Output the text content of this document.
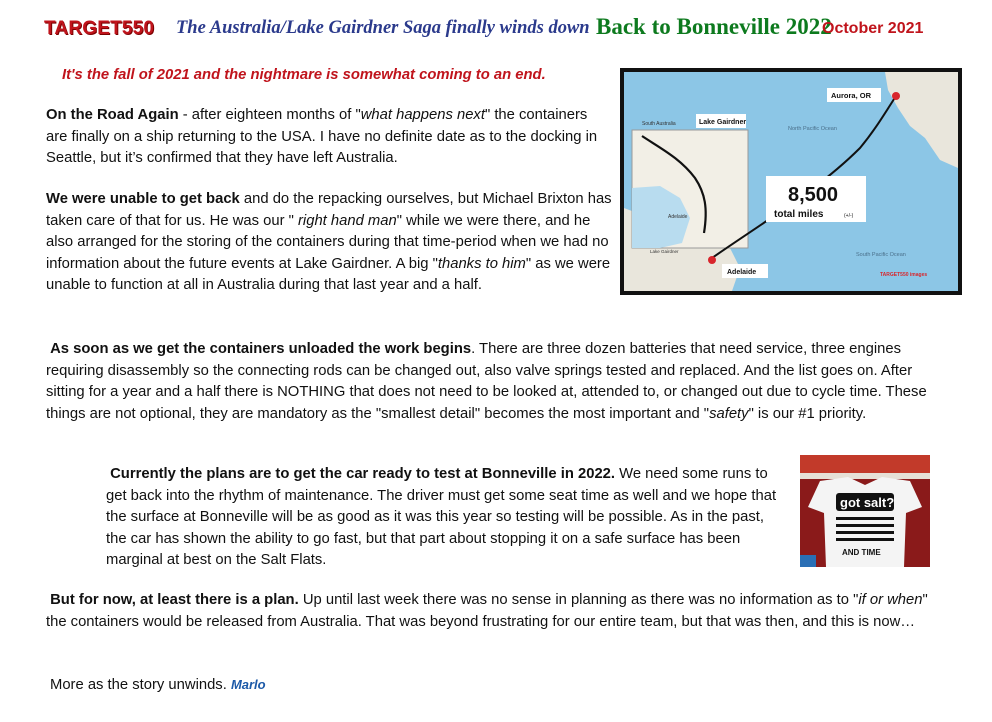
TARGET550 The Australia/Lake Gairdner Saga finally winds down Back to Bonneville 2022
October 2021
It's the fall of 2021 and the nightmare is somewhat coming to an end.
On the Road Again - after eighteen months of "what happens next" the containers are finally on a ship returning to the USA. I have no definite date as to the docking in Seattle, but it’s confirmed that they have left Australia.
We were unable to get back and do the repacking ourselves, but Michael Brixton has taken care of that for us. He was our " right hand man" while we were there, and he also arranged for the storing of the containers during that time-period when we had no information about the future events at Lake Gairdner. A big "thanks to him" as we were unable to function at all in Australia during that last year and a half.
Aurora, OR
Lake Gairdner
South Australia
Adelaide
Lake Gairdner
North Pacific Ocean
South Pacific Ocean
8,500
total miles	(+/-)
Adelaide	TARGET550 images
As soon as we get the containers unloaded the work begins. There are three dozen batteries that need service, three engines requiring disassembly so the connecting rods can be changed out, also valve springs tested and replaced. And the list goes on. After sitting for a year and a half there is NOTHING that does not need to be looked at, attended to, or changed out due to cycle time. These things are not optional, they are mandatory as the "smallest detail" becomes the most important and "safety" is our #1 priority.
Currently the plans are to get the car ready to test at Bonneville in 2022. We need some runs to get back into the rhythm of maintenance. The driver must get some seat time as well and we hope that the surface at Bonneville will be as good as it was this year so testing will be possible. As in the past, the car has shown the ability to go fast, but that part about stopping it on a safe surface has been marginal at best on the Salt Flats.
got salt?
AND TIME
But for now, at least there is a plan. Up until last week there was no sense in planning as there was no information as to "if or when" the containers would be released from Australia. That was beyond frustrating for our entire team, but that was then, and this is now…
More as the story unwinds. Marlo
